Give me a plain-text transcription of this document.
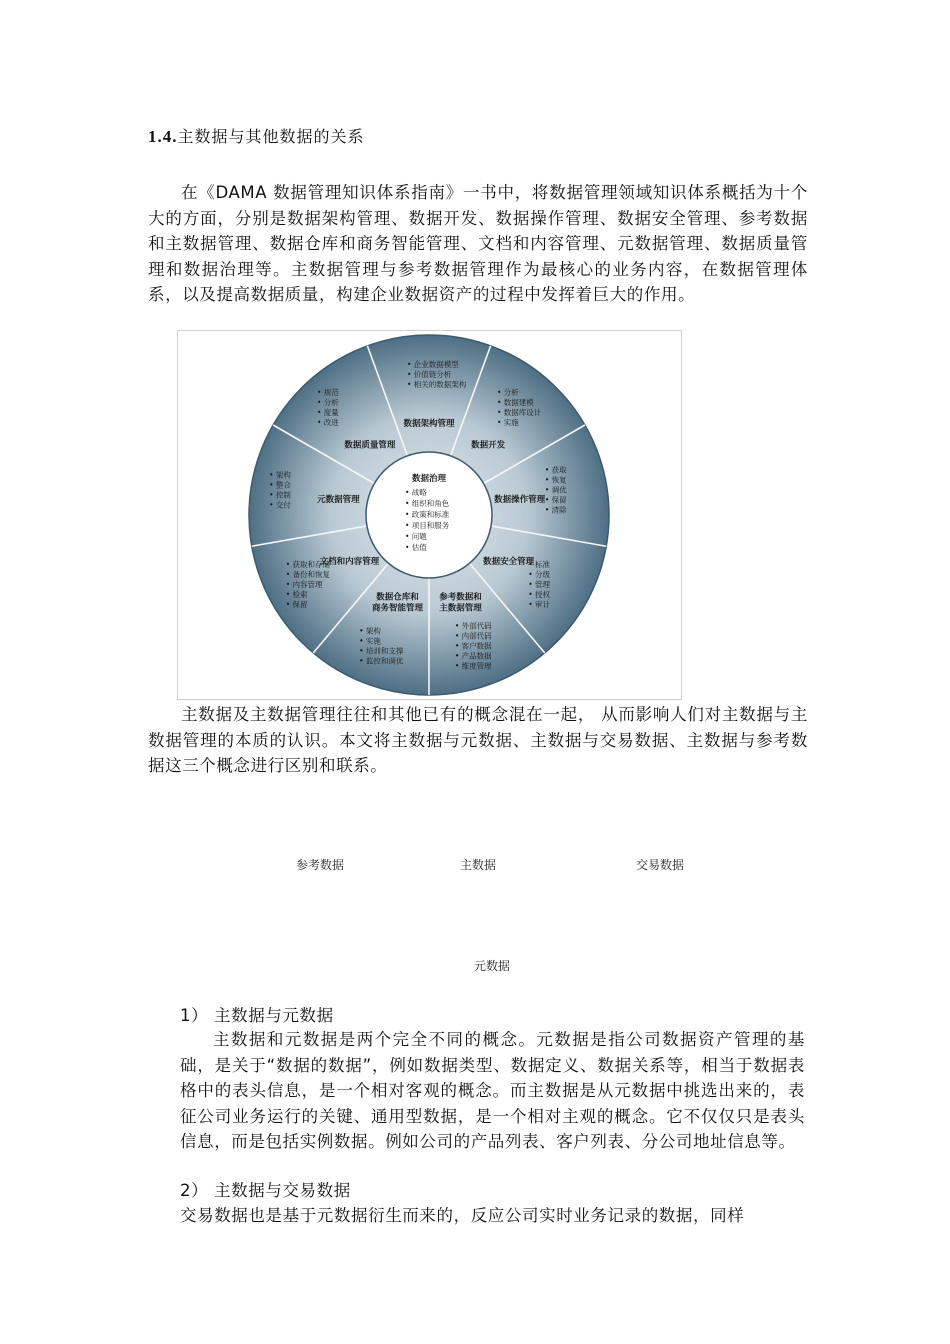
1.4.主数据与其他数据的关系

在《DAMA 数据管理知识体系指南》一书中，将数据管理领域知识体系概括为十个大的方面，分别是数据架构管理、数据开发、数据操作管理、数据安全管理、参考数据和主数据管理、数据仓库和商务智能管理、文档和内容管理、元数据管理、数据质量管理和数据治理等。主数据管理与参考数据管理作为最核心的业务内容，在数据管理体系，以及提高数据质量，构建企业数据资产的过程中发挥着巨大的作用。

数据架构管理
• 企业数据模型
• 价值链分析
• 相关的数据架构
数据开发
• 分析
• 数据建模
• 数据库设计
• 实施
数据操作管理
• 获取
• 恢复
• 调优
• 保留
• 清除
数据安全管理
• 标准
• 分级
• 管理
• 授权
• 审计
参考数据和
主数据管理
• 外部代码
• 内部代码
• 客户数据
• 产品数据
• 维度管理
数据仓库和
商务智能管理
• 架构
• 实施
• 培训和支撑
• 监控和调优
文档和内容管理
• 获取和存储
• 备份和恢复
• 内容管理
• 检索
• 保留
元数据管理
• 架构
• 整合
• 控制
• 交付
数据质量管理
• 规范
• 分析
• 度量
• 改进
数据治理
• 战略
• 组织和角色
• 政策和标准
• 项目和服务
• 问题
• 估值

主数据及主数据管理往往和其他已有的概念混在一起， 从而影响人们对主数据与主数据管理的本质的认识。本文将主数据与元数据、主数据与交易数据、主数据与参考数据这三个概念进行区别和联系。

参考数据	主数据	交易数据
元数据
1） 主数据与元数据

主数据和元数据是两个完全不同的概念。元数据是指公司数据资产管理的基础，是关于“数据的数据”，例如数据类型、数据定义、数据关系等，相当于数据表格中的表头信息，是一个相对客观的概念。而主数据是从元数据中挑选出来的，表征公司业务运行的关键、通用型数据，是一个相对主观的概念。它不仅仅只是表头信息，而是包括实例数据。例如公司的产品列表、客户列表、分公司地址信息等。

2） 主数据与交易数据

交易数据也是基于元数据衍生而来的，反应公司实时业务记录的数据，同样
